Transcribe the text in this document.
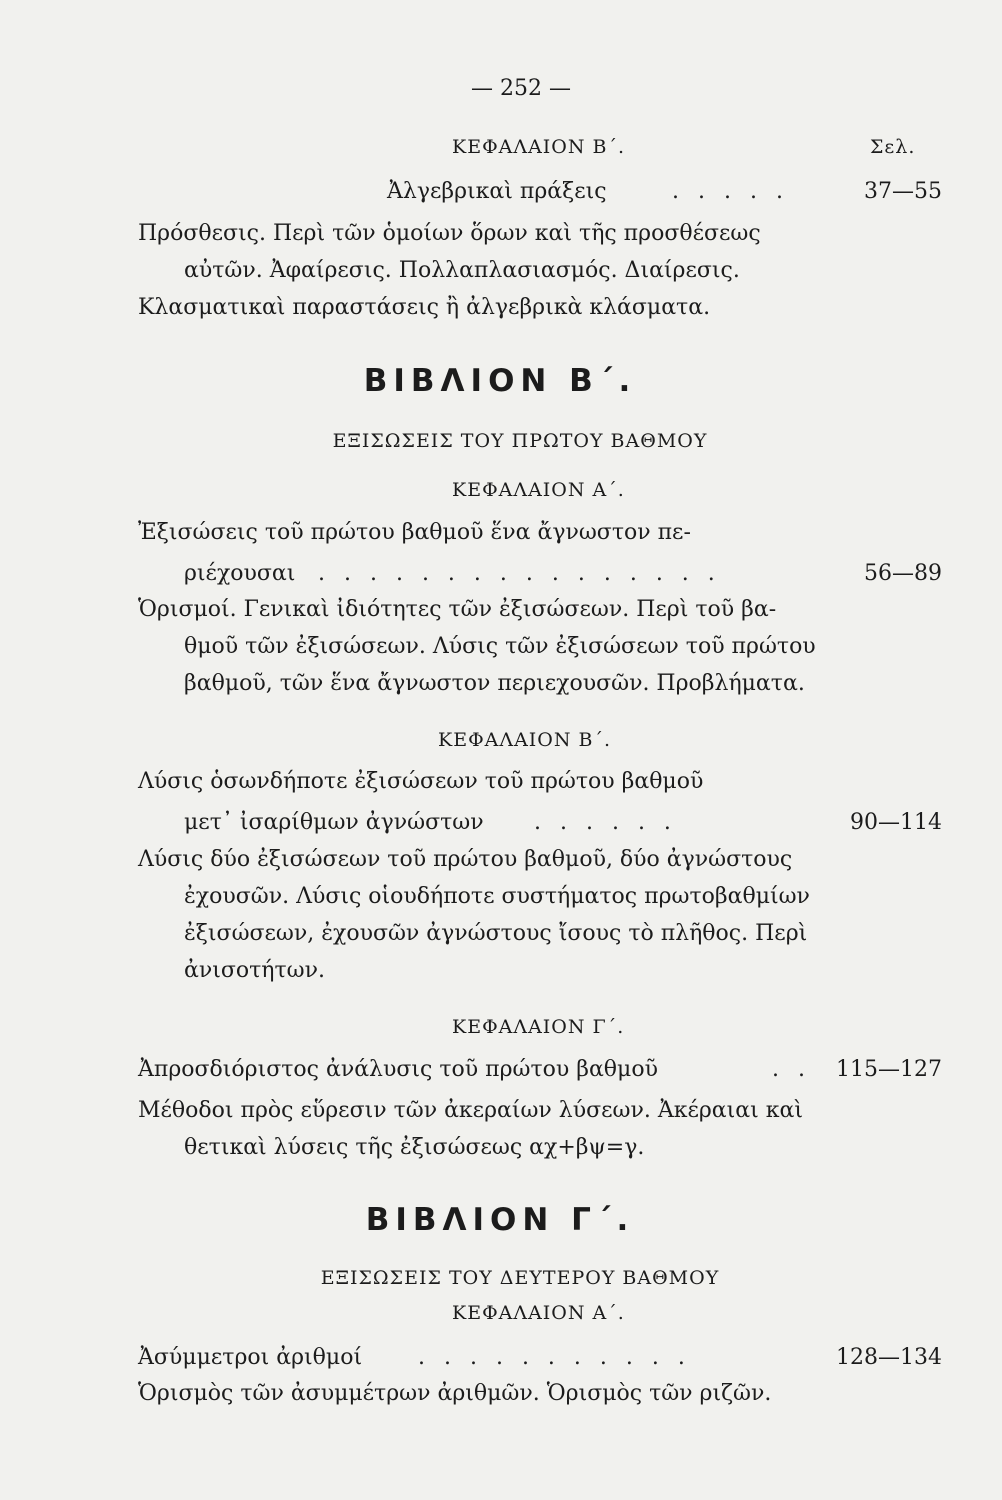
— 252 —
ΚΕΦΑΛΑΙΟΝ Β΄.	Σελ.
Ἀλγεβρικαὶ πράξεις	. . . . .	37—55
Πρόσθεσις. Περὶ τῶν ὁμοίων ὅρων καὶ τῆς προσθέσεως
αὐτῶν. Ἀφαίρεσις. Πολλαπλασιασμός. Διαίρεσις.
Κλασματικαὶ παραστάσεις ἢ ἀλγεβρικὰ κλάσματα.
ΒΙΒΛΙΟΝ Β΄.
ΕΞΙΣΩΣΕΙΣ ΤΟΥ ΠΡΩΤΟΥ ΒΑΘΜΟΥ
ΚΕΦΑΛΑΙΟΝ Α΄.
Ἐξισώσεις τοῦ πρώτου βαθμοῦ ἕνα ἄγνωστον πε-
ριέχουσαι . . . . . . . . . . . . . . . .	56—89
Ὁρισμοί. Γενικαὶ ἰδιότητες τῶν ἐξισώσεων. Περὶ τοῦ βα-
θμοῦ τῶν ἐξισώσεων. Λύσις τῶν ἐξισώσεων τοῦ πρώτου
βαθμοῦ, τῶν ἕνα ἄγνωστον περιεχουσῶν. Προβλήματα.
ΚΕΦΑΛΑΙΟΝ Β΄.
Λύσις ὁσωνδήποτε ἐξισώσεων τοῦ πρώτου βαθμοῦ
μετ᾽ ἰσαρίθμων ἀγνώστων . . . . . .	90—114
Λύσις δύο ἐξισώσεων τοῦ πρώτου βαθμοῦ, δύο ἀγνώστους
ἐχουσῶν. Λύσις οἱουδήποτε συστήματος πρωτοβαθμίων
ἐξισώσεων, ἐχουσῶν ἀγνώστους ἴσους τὸ πλῆθος. Περὶ
ἀνισοτήτων.
ΚΕΦΑΛΑΙΟΝ Γ΄.
Ἀπροσδιόριστος ἀνάλυσις τοῦ πρώτου βαθμοῦ	. .	115—127
Μέθοδοι πρὸς εὕρεσιν τῶν ἀκεραίων λύσεων. Ἀκέραιαι καὶ
θετικαὶ λύσεις τῆς ἐξισώσεως αχ+βψ=γ.
ΒΙΒΛΙΟΝ Γ΄.
ΕΞΙΣΩΣΕΙΣ ΤΟΥ ΔΕΥΤΕΡΟΥ ΒΑΘΜΟΥ
ΚΕΦΑΛΑΙΟΝ Α΄.
Ἀσύμμετροι ἀριθμοί	. . . . . . . . . . .	128—134
Ὁρισμὸς τῶν ἀσυμμέτρων ἀριθμῶν. Ὁρισμὸς τῶν ριζῶν.
